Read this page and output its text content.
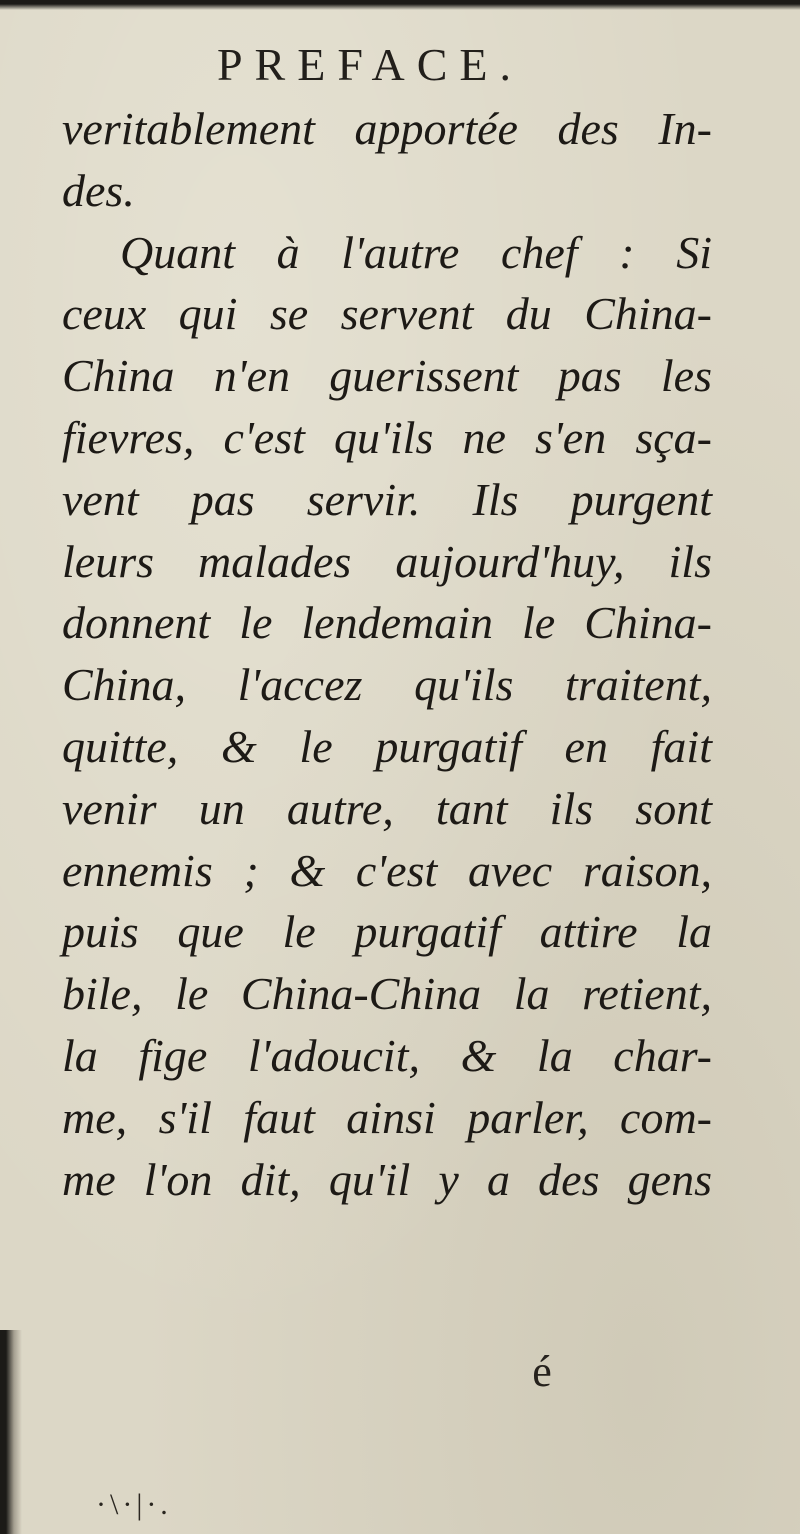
PREFACE.
veritablement apportée des In-
des.
Quant à l'autre chef : Si
ceux qui se servent du China-
China n'en guerissent pas les
fievres, c'est qu'ils ne s'en sça-
vent pas servir. Ils purgent
leurs malades aujourd'huy, ils
donnent le lendemain le China-
China, l'accez qu'ils traitent,
quitte, & le purgatif en fait
venir un autre, tant ils sont
ennemis ; & c'est avec raison,
puis que le purgatif attire la
bile, le China-China la retient,
la fige l'adoucit, & la char-
me, s'il faut ainsi parler, com-
me l'on dit, qu'il y a des gens
é
·\·|·.
